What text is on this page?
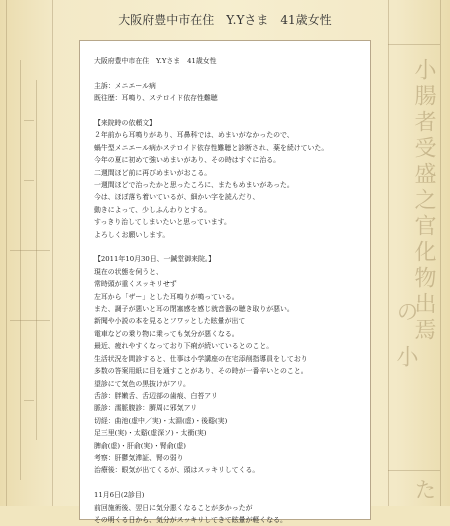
小
腸
者
受
盛
之
官
化
物
出
焉
の
小
た
大阪府豊中市在住　Y.Yさま　41歳女性

大阪府豊中市在住　Y.Yさま　41歳女性

主訴：メニエール病

既往歴：耳鳴り、ステロイド依存性難聴

【来院時の依頼文】

２年前から耳鳴りがあり、耳鼻科では、めまいがなかったので、

蝸牛型メニエール病かステロイド依存性難聴と診断され、薬を続けていた。

今年の夏に初めて強いめまいがあり、その時はすぐに治る。

二週間ほど前に再びめまいがおこる。

一週間ほどで治ったかと思ったころに、またもめまいがあった。

今は、ほぼ落ち着いているが、細かい字を読んだり、

動きによって、少しふんわりとする。

すっきり治してしまいたいと思っています。

よろしくお願いします。

【2011年10月30日、一鍼堂御来院。】

現在の状態を伺うと、

常時頭が重くスッキリせず

左耳から「ザー」とした耳鳴りが鳴っている。

また、調子が悪いと耳の閉塞感を感じ就音器の聴き取りが悪い。

新聞や小説の本を見るとフワッとした眩暈が出て

電車などの乗り物に乗っても気分が悪くなる。

最近、疲れやすくなっており下痢が続いているとのこと。

生活状況を間診すると、仕事は小学講座の在宅添削指導員をしており

多数の答案用紙に目を通すことがあり、その時が一番辛いとのこと。

望診にて気色の黒抜けがアリ。

舌診：胖嫩舌、舌辺部の歯痕、白苔アリ

脈診：濡脈腹診：臍周に邪気アリ

切経：曲池(虚中／実)・太淵(虚)・後谿(実)

足三里(実)・太谿(虚深ソ)・太衝(実)

脾俞(虚)・肝俞(実)・腎俞(虚)

考察：肝鬱気滞証、腎の弱り

治療後：眼気が出てくるが、頭はスッキリしてくる。

11月6日(2診目)

前回施術後、翌日に気分悪くなることが多かったが

その明くる日から、気分がスッキリしてきて眩暈が軽くなる。
